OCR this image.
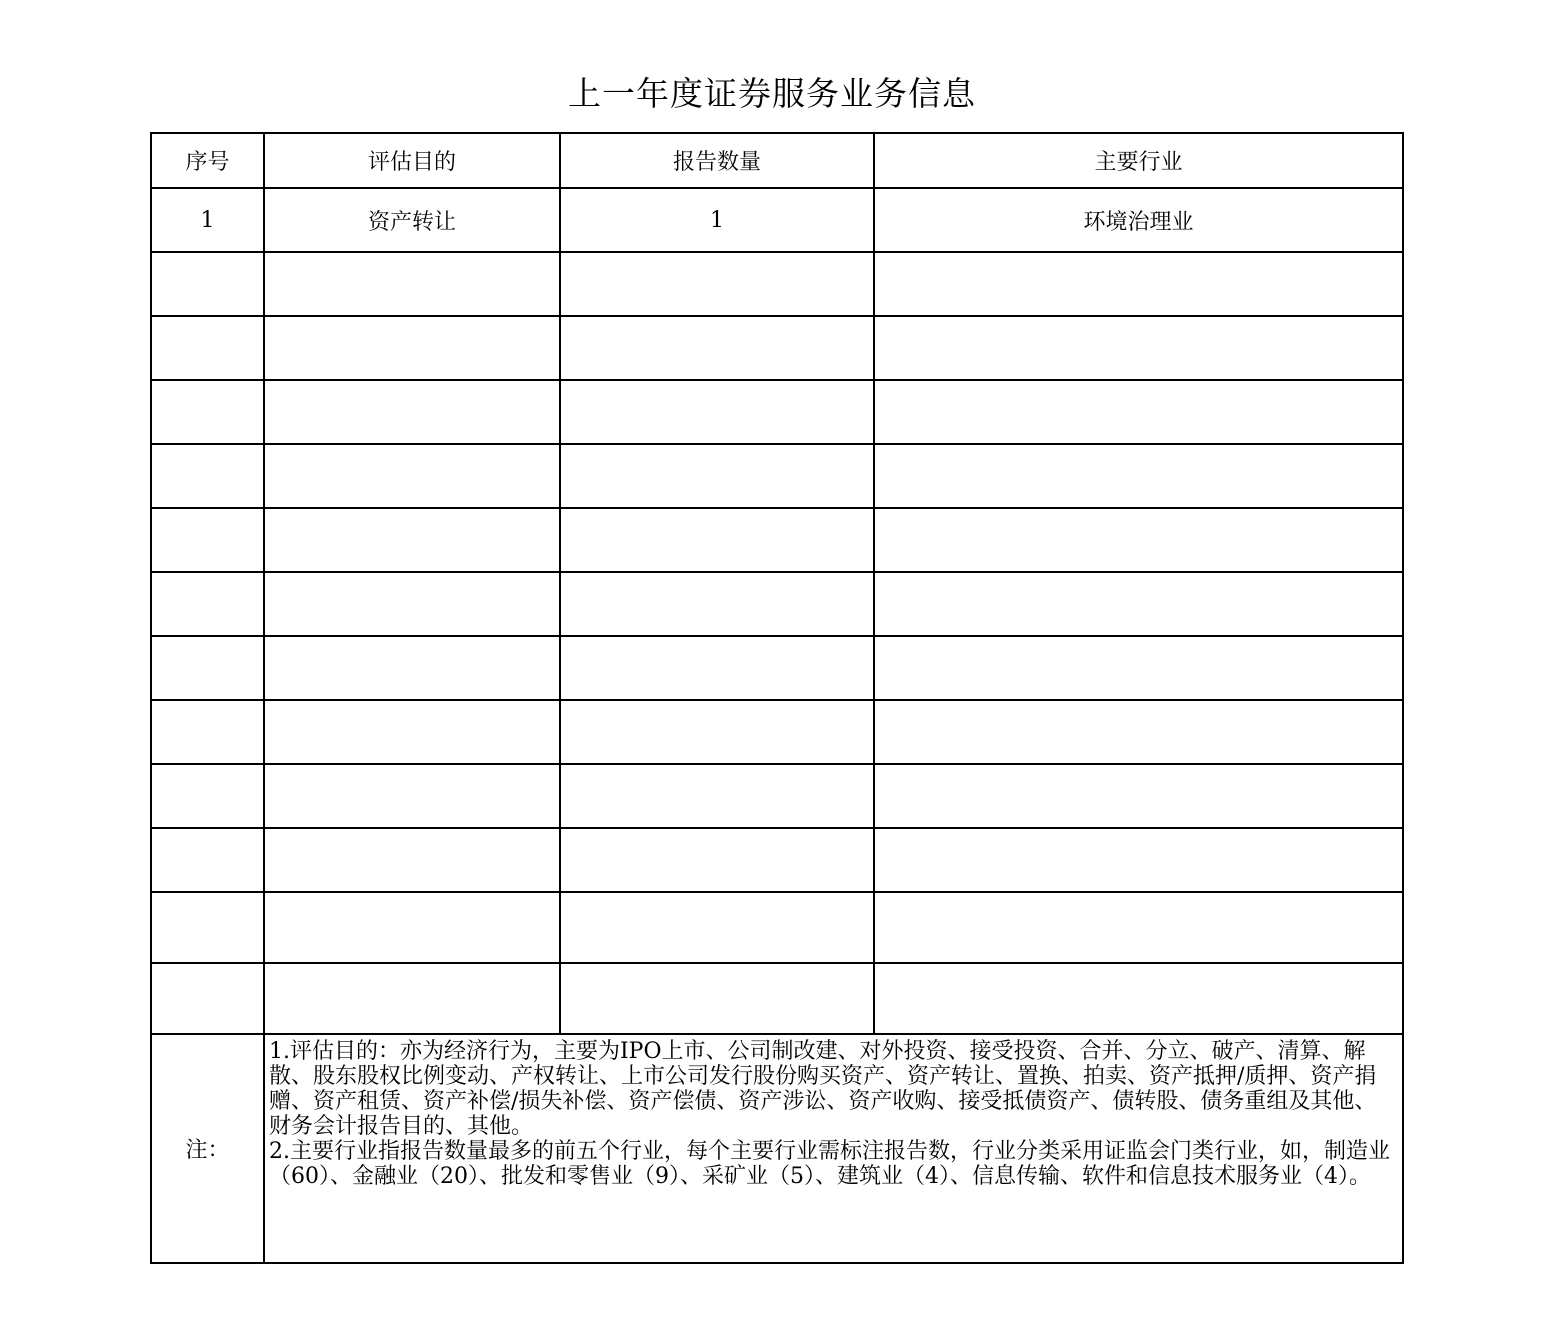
上一年度证券服务业务信息
序号	评估目的	报告数量	主要行业
1	资产转让	1	环境治理业

注：	1.评估目的：亦为经济行为，主要为IPO上市、公司制改建、对外投资、接受投资、合并、分立、破产、清算、解散、股东股权比例变动、产权转让、上市公司发行股份购买资产、资产转让、置换、拍卖、资产抵押/质押、资产捐赠、资产租赁、资产补偿/损失补偿、资产偿债、资产涉讼、资产收购、接受抵债资产、债转股、债务重组及其他、财务会计报告目的、其他。
2.主要行业指报告数量最多的前五个行业，每个主要行业需标注报告数，行业分类采用证监会门类行业，如，制造业（60）、金融业（20）、批发和零售业（9）、采矿业（5）、建筑业（4）、信息传输、软件和信息技术服务业（4）。		
